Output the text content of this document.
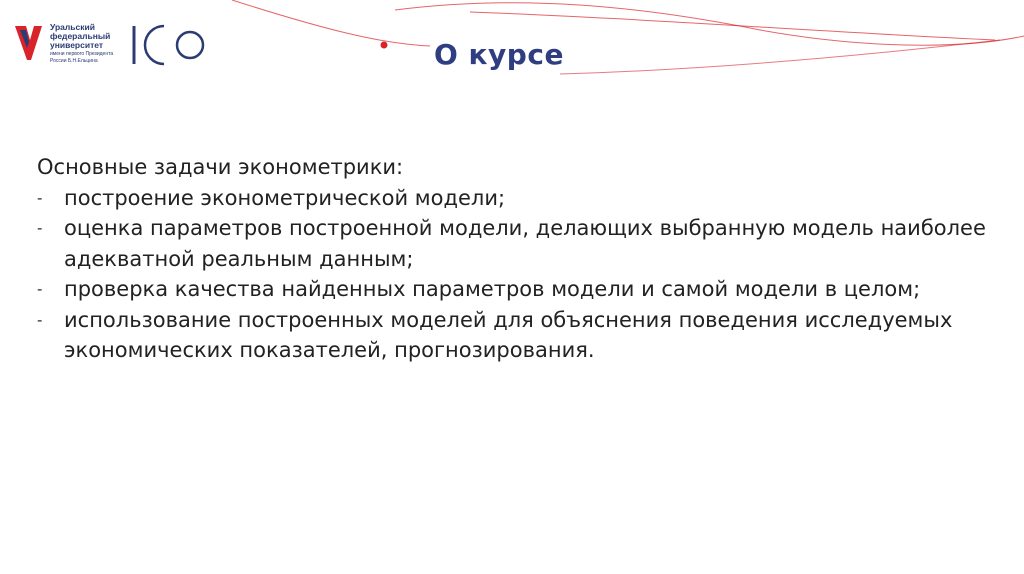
Уральский
федеральный
университет
имени первого Президента
России Б.Н.Ельцина	О курсе
Основные задачи эконометрики:
- построение эконометрической модели;
- оценка параметров построенной модели, делающих выбранную модель наиболее адекватной реальным данным;
- проверка качества найденных параметров модели и самой модели в целом;
- использование построенных моделей для объяснения поведения исследуемых экономических показателей, прогнозирования.
